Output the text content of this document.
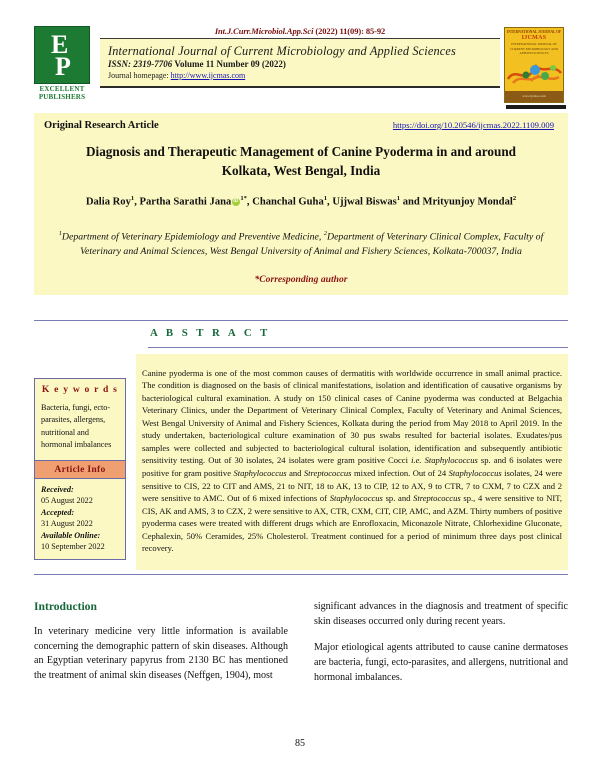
E
P
EXCELLENT PUBLISHERS
Int.J.Curr.Microbiol.App.Sci (2022) 11(09): 85-92
International Journal of Current Microbiology and Applied Sciences
ISSN: 2319-7706 Volume 11 Number 09 (2022)
Journal homepage: http://www.ijcmas.com
INTERNATIONAL JOURNAL OF
IJCMAS
INTERNATIONAL JOURNAL OF CURRENT MICROBIOLOGY AND APPLIED SCIENCES
www.ijcmas.com
Original Research Article	https://doi.org/10.20546/ijcmas.2022.1109.009
Diagnosis and Therapeutic Management of Canine Pyoderma in and around Kolkata, West Bengal, India
Dalia Roy$^1$, Partha Sarathi Jana iD $^{1*}$, Chanchal Guha$^1$, Ujjwal Biswas$^1$ and Mrityunjoy Mondal$^2$
$^1$Department of Veterinary Epidemiology and Preventive Medicine, $^2$Department of Veterinary Clinical Complex, Faculty of Veterinary and Animal Sciences, West Bengal University of Animal and Fishery Sciences, Kolkata-700037, India
*Corresponding author
A B S T R A C T
K e y w o r d s
Bacteria, fungi, ecto-parasites, allergens, nutritional and hormonal imbalances
Article Info
Received:
05 August 2022
Accepted:
31 August 2022
Available Online:
10 September 2022

Canine pyoderma is one of the most common causes of dermatitis with worldwide occurrence in small animal practice. The condition is diagnosed on the basis of clinical manifestations, isolation and identification of causative organisms by bacteriological cultural examination. A study on 150 clinical cases of Canine pyoderma was conducted at Belgachia Veterinary Clinics, under the Department of Veterinary Clinical Complex, Faculty of Veterinary and Animal Sciences, West Bengal University of Animal and Fishery Sciences, Kolkata during the period from May 2018 to April 2019. In the study undertaken, bacteriological culture examination of 30 pus swabs resulted for bacterial isolates. Exudates/pus samples were collected and subjected to bacteriological cultural isolation, identification and subsequently antibiotic sensitivity testing. Out of 30 isolates, 24 isolates were gram positive Cocci i.e. Staphylococcus sp. and 6 isolates were positive for gram positive Staphylococcus and Streptococcus mixed infection. Out of 24 Staphylococcus isolates, 24 were sensitive to CIS, 22 to CIT and AMS, 21 to NIT, 18 to AK, 13 to CIP, 12 to AX, 9 to CTR, 7 to CXM, 7 to CZX and 2 were sensitive to AMC. Out of 6 mixed infections of Staphylococcus sp. and Streptococcus sp., 4 were sensitive to NIT, CIS, AK and AMS, 3 to CZX, 2 were sensitive to AX, CTR, CXM, CIT, CIP, AMC, and AZM. Thirty numbers of positive pyoderma cases were treated with different drugs which are Enrofloxacin, Miconazole Nitrate, Chlorhexidine Gluconate, Cephalexin, 50% Ceramides, 25% Cholesterol. Treatment continued for a period of minimum three days post clinical recovery.

Introduction

In veterinary medicine very little information is available concerning the demographic pattern of skin diseases. Although an Egyptian veterinary papyrus from 2130 BC has mentioned the treatment of animal skin diseases (Neffgen, 1904), most

significant advances in the diagnosis and treatment of specific skin diseases occurred only during recent years.

Major etiological agents attributed to cause canine dermatoses are bacteria, fungi, ecto-parasites, and allergens, nutritional and hormonal imbalances.

85
